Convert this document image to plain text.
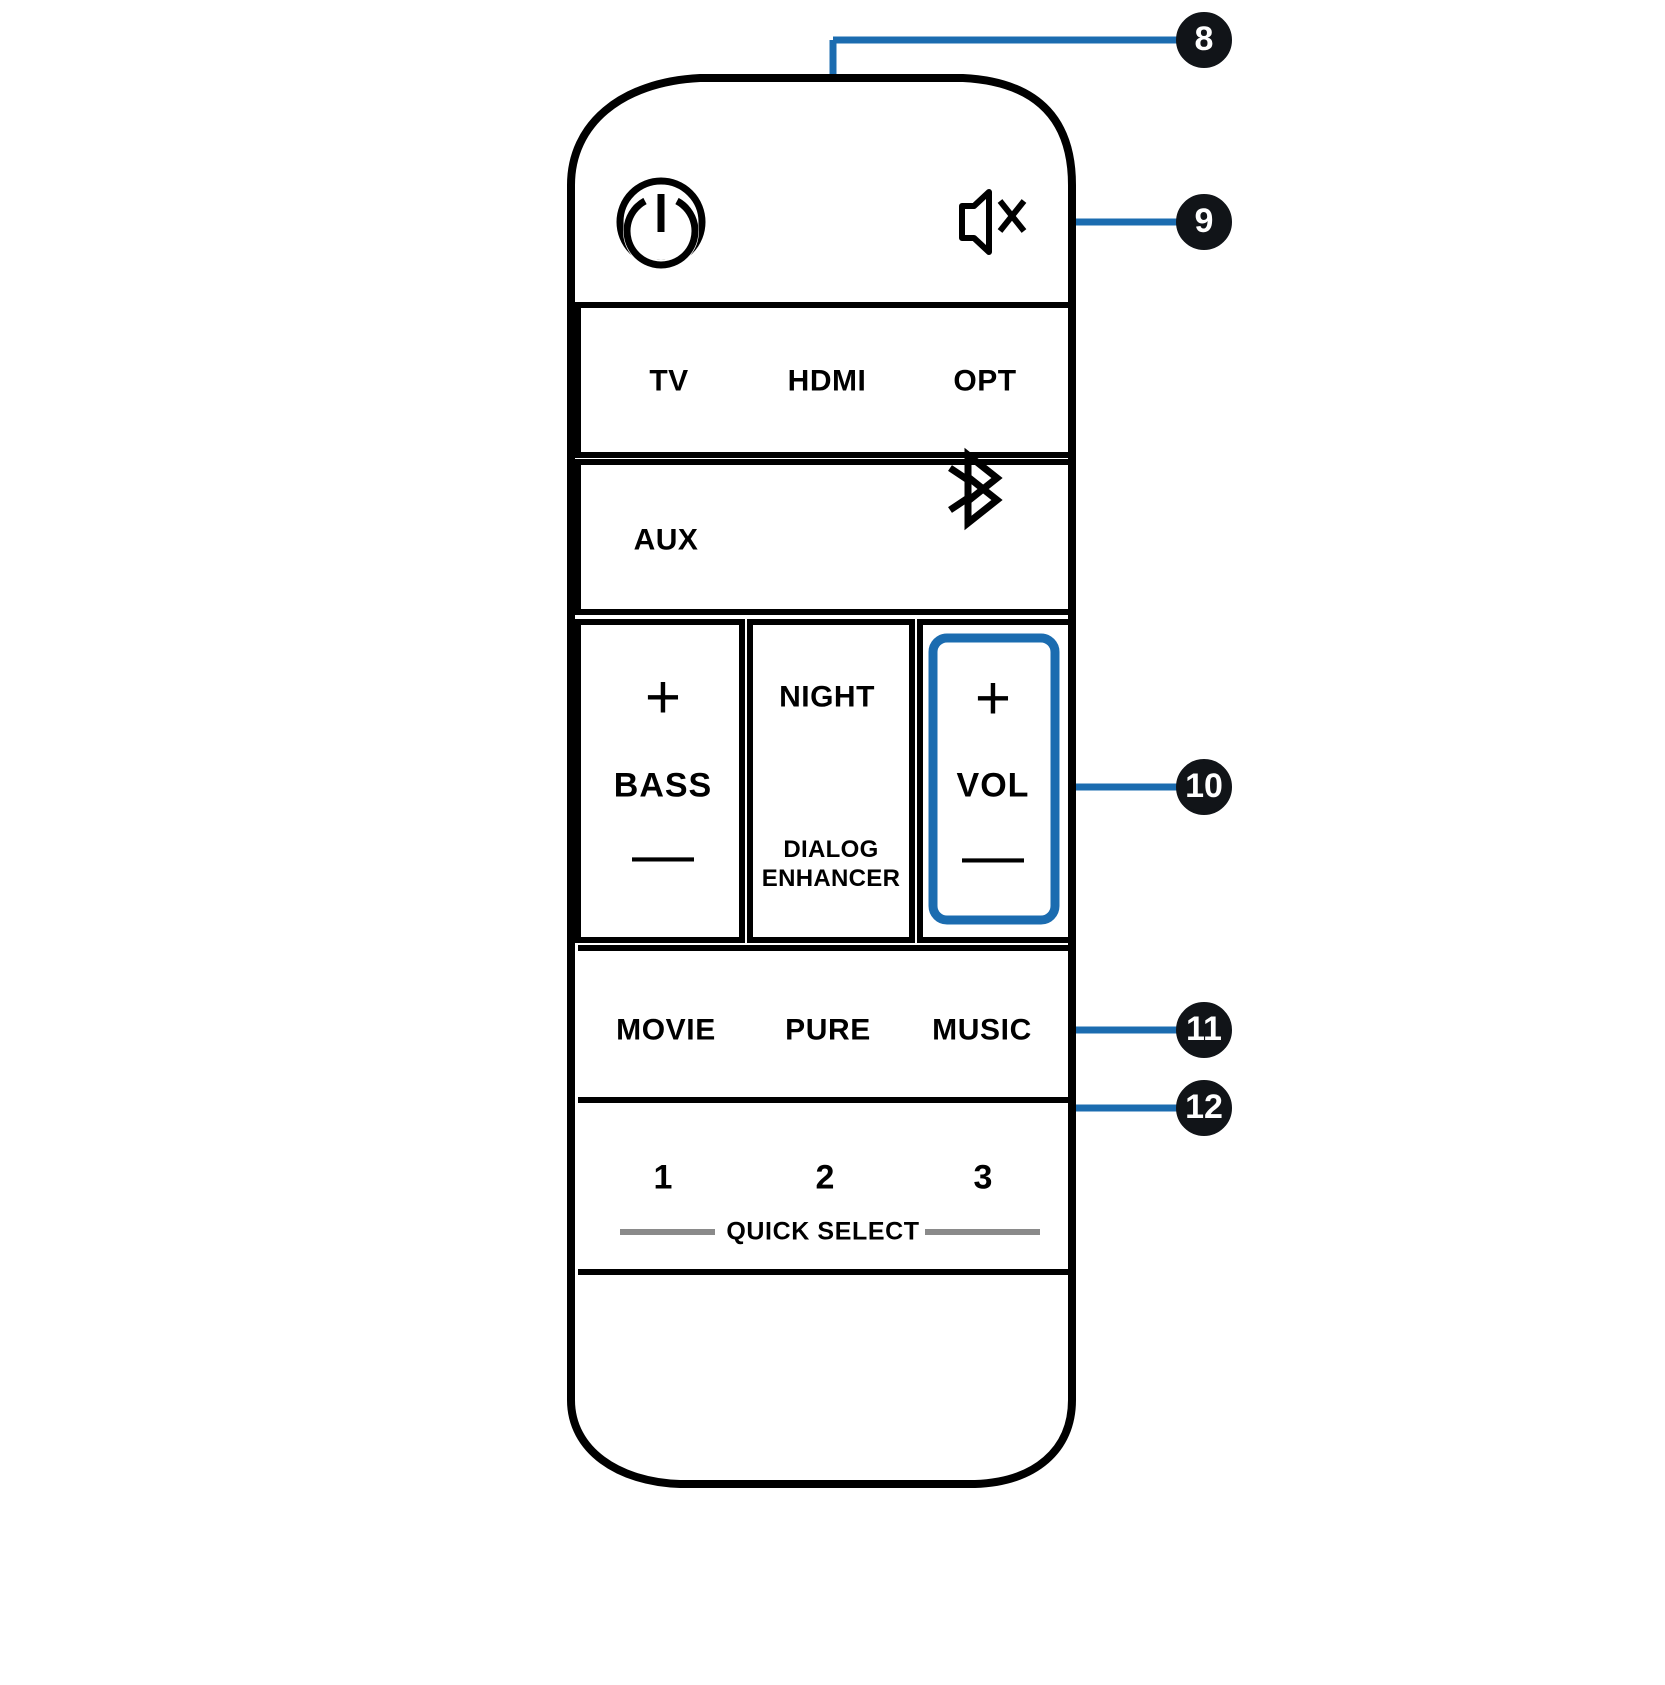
TV	HDMI	OPT
AUX
+
BASS
—
NIGHT
DIALOG
ENHANCER
+
VOL
—
MOVIE PURE MUSIC
1	2	3
QUICK SELECT
8
9
10
11
12
